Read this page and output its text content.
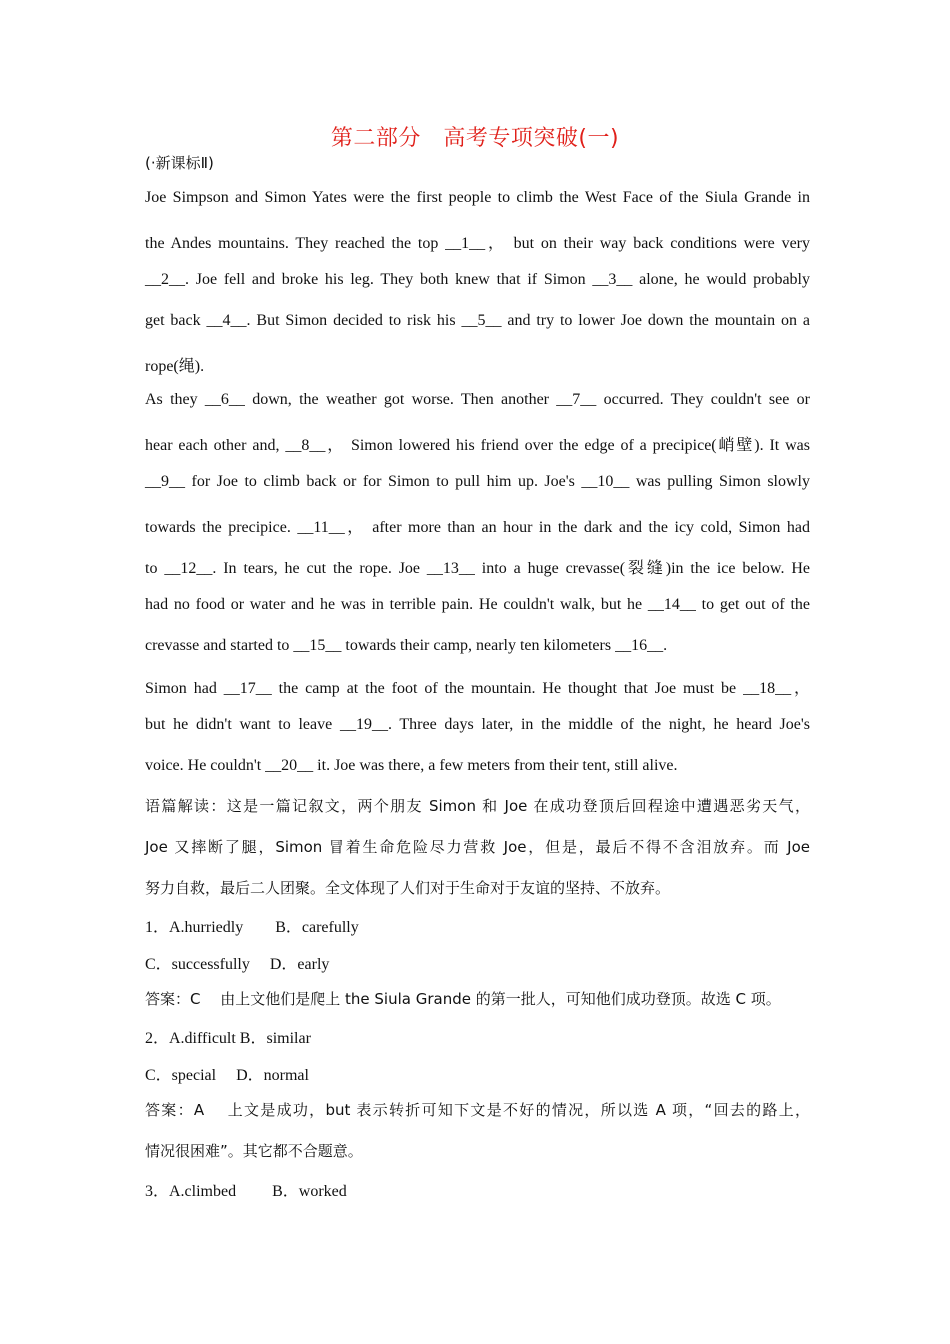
第二部分　高考专项突破(一)
(·新课标Ⅱ)
Joe Simpson and Simon Yates were the first people to climb the West Face of the Siula Grande in
the Andes mountains. They reached the top __1__， but on their way back conditions were very
__2__. Joe fell and broke his leg. They both knew that if Simon __3__ alone, he would probably
get back __4__. But Simon decided to risk his __5__ and try to lower Joe down the mountain on a
rope(绳).
As they __6__ down, the weather got worse. Then another __7__ occurred. They couldn't see or
hear each other and, __8__， Simon lowered his friend over the edge of a precipice(峭壁). It was
__9__ for Joe to climb back or for Simon to pull him up. Joe's __10__ was pulling Simon slowly
towards the precipice. __11__， after more than an hour in the dark and the icy cold, Simon had
to __12__. In tears, he cut the rope. Joe __13__ into a huge crevasse(裂缝)in the ice below. He
had no food or water and he was in terrible pain. He couldn't walk, but he __14__ to get out of the
crevasse and started to __15__ towards their camp, nearly ten kilometers __16__.
Simon had __17__ the camp at the foot of the mountain. He thought that Joe must be __18__，
but he didn't want to leave __19__. Three days later, in the middle of the night, he heard Joe's
voice. He couldn't __20__ it. Joe was there, a few meters from their tent, still alive.
语篇解读：这是一篇记叙文，两个朋友 Simon 和 Joe 在成功登顶后回程途中遭遇恶劣天气，
Joe 又摔断了腿，Simon 冒着生命危险尽力营救 Joe，但是，最后不得不含泪放弃。而 Joe
努力自救，最后二人团聚。全文体现了人们对于生命对于友谊的坚持、不放弃。
1．A.hurriedly　　B．carefully
C．successfully　 D．early
答案：C　 由上文他们是爬上 the Siula Grande 的第一批人，可知他们成功登顶。故选 C 项。
2．A.difficult B．similar
C．special　 D．normal
答案：A　 上文是成功，but 表示转折可知下文是不好的情况，所以选 A 项，“回去的路上，
情况很困难”。其它都不合题意。
3．A.climbed　　 B．worked
